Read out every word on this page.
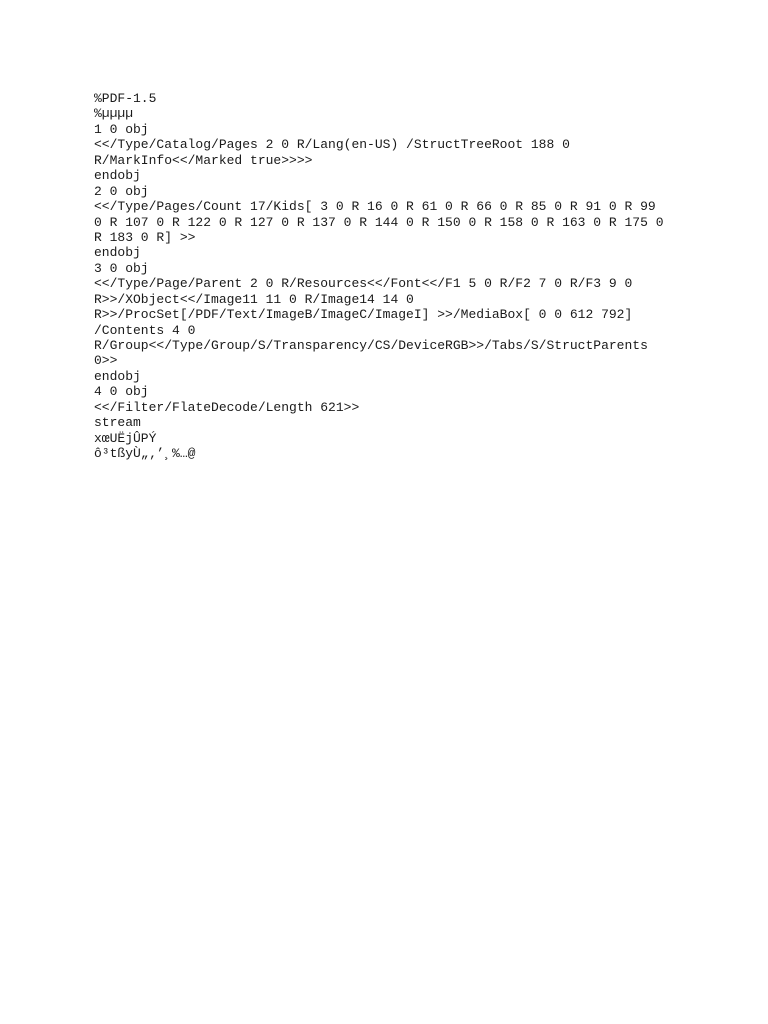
%PDF-1.5
%µµµµ
1 0 obj
<</Type/Catalog/Pages 2 0 R/Lang(en-US) /StructTreeRoot 188 0
R/MarkInfo<</Marked true>>>>
endobj
2 0 obj
<</Type/Pages/Count 17/Kids[ 3 0 R 16 0 R 61 0 R 66 0 R 85 0 R 91 0 R 99
0 R 107 0 R 122 0 R 127 0 R 137 0 R 144 0 R 150 0 R 158 0 R 163 0 R 175 0
R 183 0 R] >>
endobj
3 0 obj
<</Type/Page/Parent 2 0 R/Resources<</Font<</F1 5 0 R/F2 7 0 R/F3 9 0
R>>/XObject<</Image11 11 0 R/Image14 14 0
R>>/ProcSet[/PDF/Text/ImageB/ImageC/ImageI] >>/MediaBox[ 0 0 612 792]
/Contents 4 0
R/Group<</Type/Group/S/Transparency/CS/DeviceRGB>>/Tabs/S/StructParents
0>>
endobj
4 0 obj
<</Filter/FlateDecode/Length 621>>
stream
xœUËjÛPÝ
ô³tßyÙ„‚’¸%…@
